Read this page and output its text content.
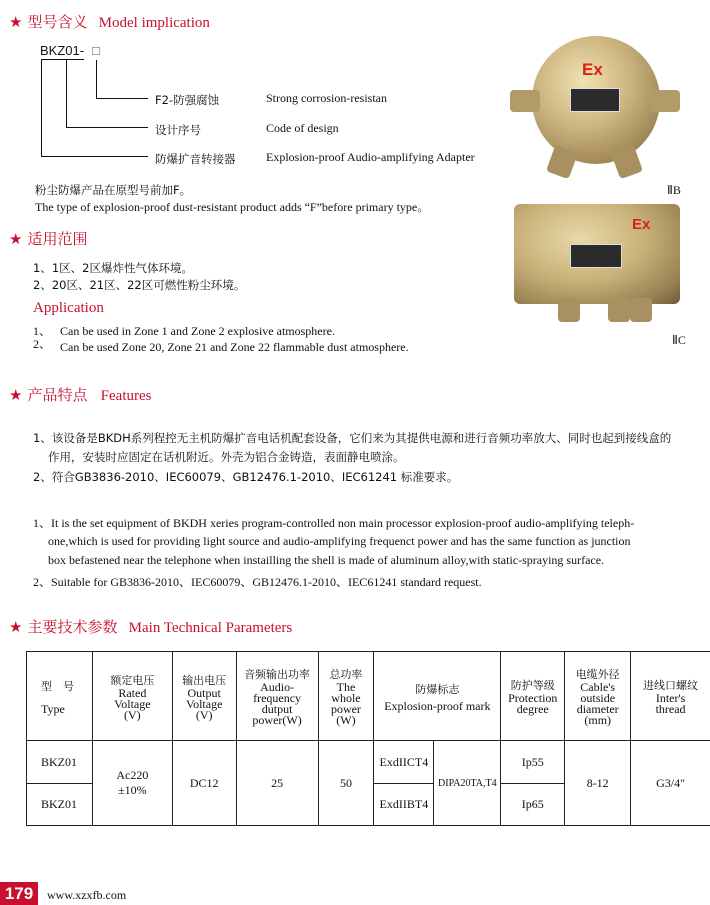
★ 型号含义 Model implication
BKZ01- □
F2-防强腐蚀	Strong corrosion-resistan
设计序号	Code of design
防爆扩音转接器	Explosion-proof Audio-amplifying Adapter
粉尘防爆产品在原型号前加F。
The type of explosion-proof dust-resistant product adds “F”before primary type。
Ex
ⅡB
Ex
ⅡC
★ 适用范围
1、1区、2区爆炸性气体环境。
2、20区、21区、22区可燃性粉尘环境。
Application
1、 Can be used in Zone 1 and Zone 2 explosive atmosphere.
2、 Can be used Zone 20, Zone 21 and Zone 22 flammable dust atmosphere.
★ 产品特点 Features
1、该设备是BKDH系列程控无主机防爆扩音电话机配套设备，它们来为其提供电源和进行音频功率放大、同时也起到接线盒的
作用，安装时应固定在话机附近。外壳为铝合金铸造，表面静电喷涂。
2、符合GB3836-2010、IEC60079、GB12476.1-2010、IEC61241 标准要求。
1、It is the set equipment of BKDH xeries program-controlled non main processor explosion-proof audio-amplifying teleph-
one,which is used for providing light source and audio-amplifying frequenct power and has the same function as junction
box befastened near the telephone when instailling the shell is made of aluminum alloy,with static-spraying surface.
2、Suitable for GB3836-2010、IEC60079、GB12476.1-2010、IEC61241 standard request.
★ 主要技术参数 Main Technical Parameters
型　号
Type	额定电压
Rated
Voltage
(V)	输出电压
Output
Voltage
(V)	音频输出功率
Audio-
frequency
dutput
power(W)	总功率
The
whole
power
(W)	防爆标志
Explosion-proof mark		防护等级
Protection
degree	电缆外径
Cable's
outside
diameter
(mm)	进线口螺纹
Inter's
thread

BKZ01	Ac220
±10%	DC12	25	50	ExdIICT4	DIPA20TA,T4	Ip55	8-12	G3/4″
BKZ01					ExdIIBT4		Ip65		
179	www.xzxfb.com
